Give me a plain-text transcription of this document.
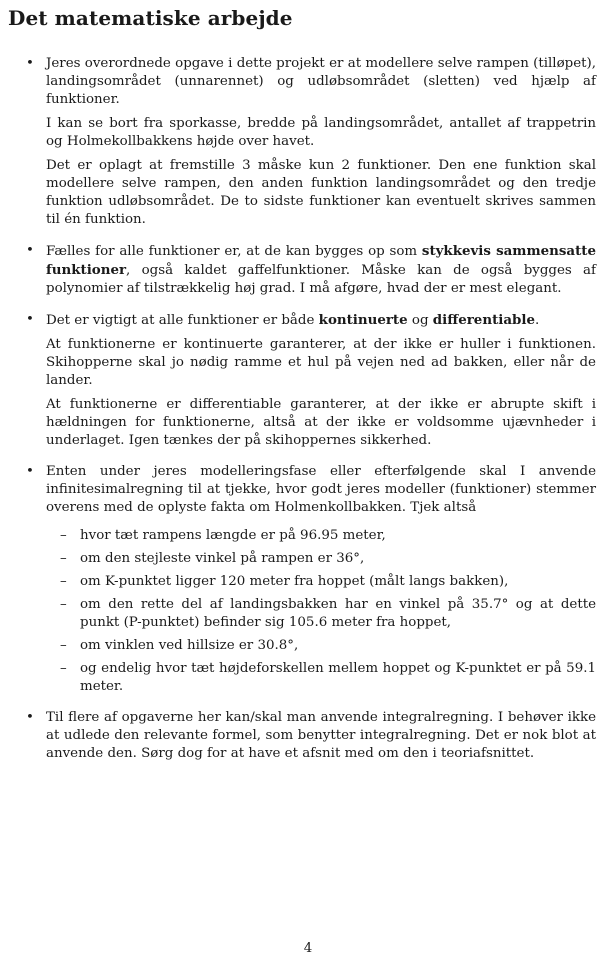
Det matematiske arbejde
• Jeres overordnede opgave i dette projekt er at modellere selve rampen (tilløpet), landingsområdet (unnarennet) og udløbsområdet (sletten) ved hjælp af funktioner.

I kan se bort fra sporkasse, bredde på landingsområdet, antallet af trappetrin og Holmekollbakkens højde over havet.

Det er oplagt at fremstille 3 måske kun 2 funktioner. Den ene funktion skal modellere selve rampen, den anden funktion landingsområdet og den tredje funktion udløbsområdet. De to sidste funktioner kan eventuelt skrives sammen til én funktion.

• Fælles for alle funktioner er, at de kan bygges op som stykkevis sammensatte funktioner, også kaldet gaffelfunktioner. Måske kan de også bygges af polynomier af tilstrækkelig høj grad. I må afgøre, hvad der er mest elegant.

• Det er vigtigt at alle funktioner er både kontinuerte og differentiable.

At funktionerne er kontinuerte garanterer, at der ikke er huller i funktionen. Skihopperne skal jo nødig ramme et hul på vejen ned ad bakken, eller når de lander.

At funktionerne er differentiable garanterer, at der ikke er abrupte skift i hældningen for funktionerne, altså at der ikke er voldsomme ujævnheder i underlaget. Igen tænkes der på skihoppernes sikkerhed.

• Enten under jeres modelleringsfase eller efterfølgende skal I anvende infinitesimalregning til at tjekke, hvor godt jeres modeller (funktioner) stemmer overens med de oplyste fakta om Holmenkollbakken. Tjek altså

– hvor tæt rampens længde er på 96.95 meter,
– om den stejleste vinkel på rampen er 36°,
– om K-punktet ligger 120 meter fra hoppet (målt langs bakken),
– om den rette del af landingsbakken har en vinkel på 35.7° og at dette punkt (P-punktet) befinder sig 105.6 meter fra hoppet,
– om vinklen ved hillsize er 30.8°,
– og endelig hvor tæt højdeforskellen mellem hoppet og K-punktet er på 59.1 meter.
• Til flere af opgaverne her kan/skal man anvende integralregning. I behøver ikke at udlede den relevante formel, som benytter integralregning. Det er nok blot at anvende den. Sørg dog for at have et afsnit med om den i teoriafsnittet.

4
